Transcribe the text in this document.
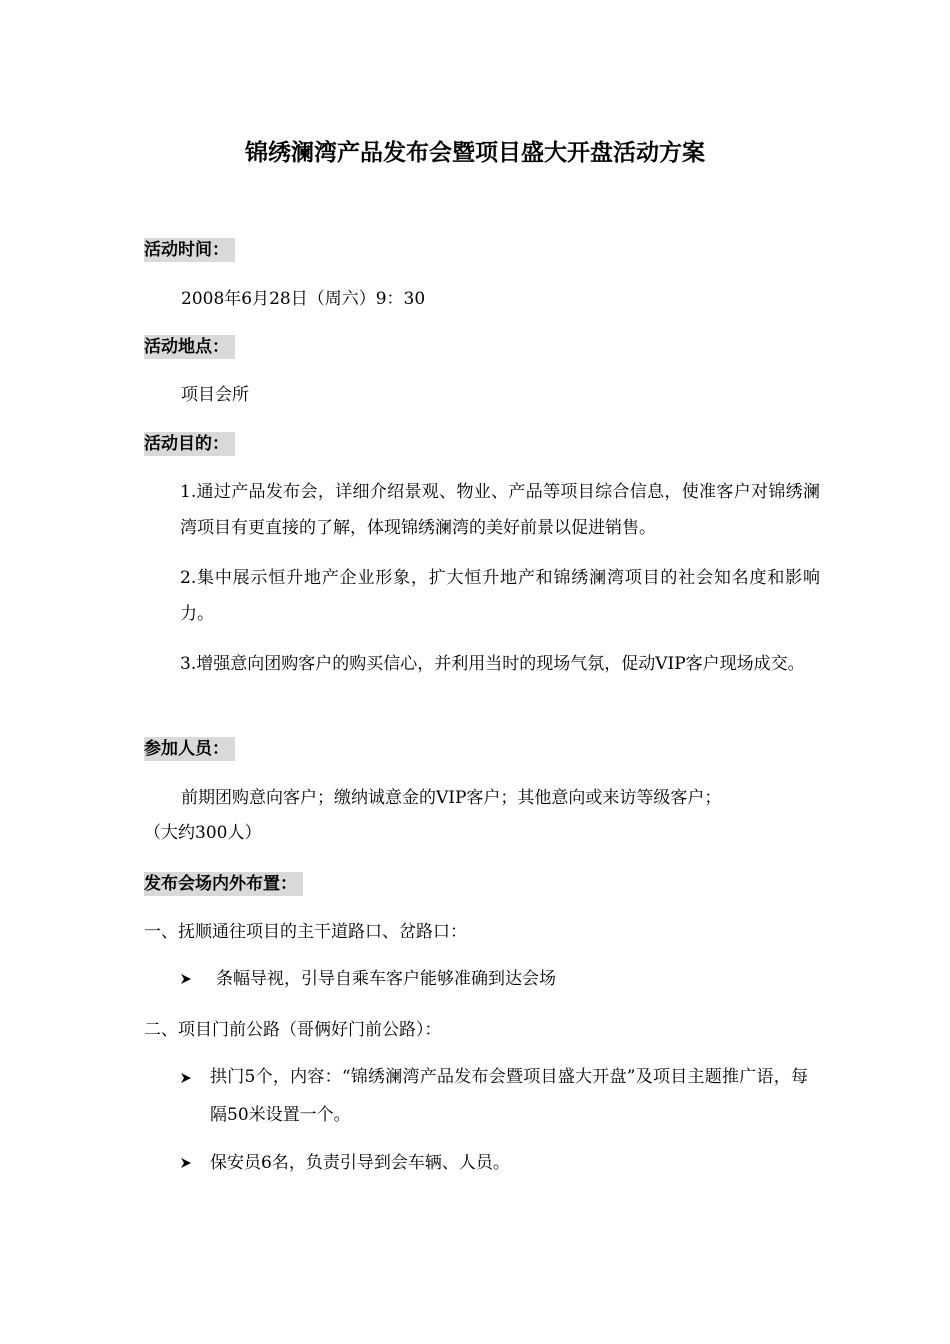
锦绣澜湾产品发布会暨项目盛大开盘活动方案
活动时间：
2008年6月28日（周六）9：30
活动地点：
项目会所
活动目的：

1.通过产品发布会，详细介绍景观、物业、产品等项目综合信息，使准客户对锦绣澜湾项目有更直接的了解，体现锦绣澜湾的美好前景以促进销售。

2.集中展示恒升地产企业形象，扩大恒升地产和锦绣澜湾项目的社会知名度和影响力。

3.增强意向团购客户的购买信心，并利用当时的现场气氛，促动VIP客户现场成交。

参加人员：
前期团购意向客户；缴纳诚意金的VIP客户；其他意向或来访等级客户；
（大约300人）
发布会场内外布置：
一、抚顺通往项目的主干道路口、岔路口：
条幅导视，引导自乘车客户能够准确到达会场
二、项目门前公路（哥俩好门前公路）：
拱门5个，内容：“锦绣澜湾产品发布会暨项目盛大开盘”及项目主题推广语，每隔50米设置一个。
保安员6名，负责引导到会车辆、人员。
